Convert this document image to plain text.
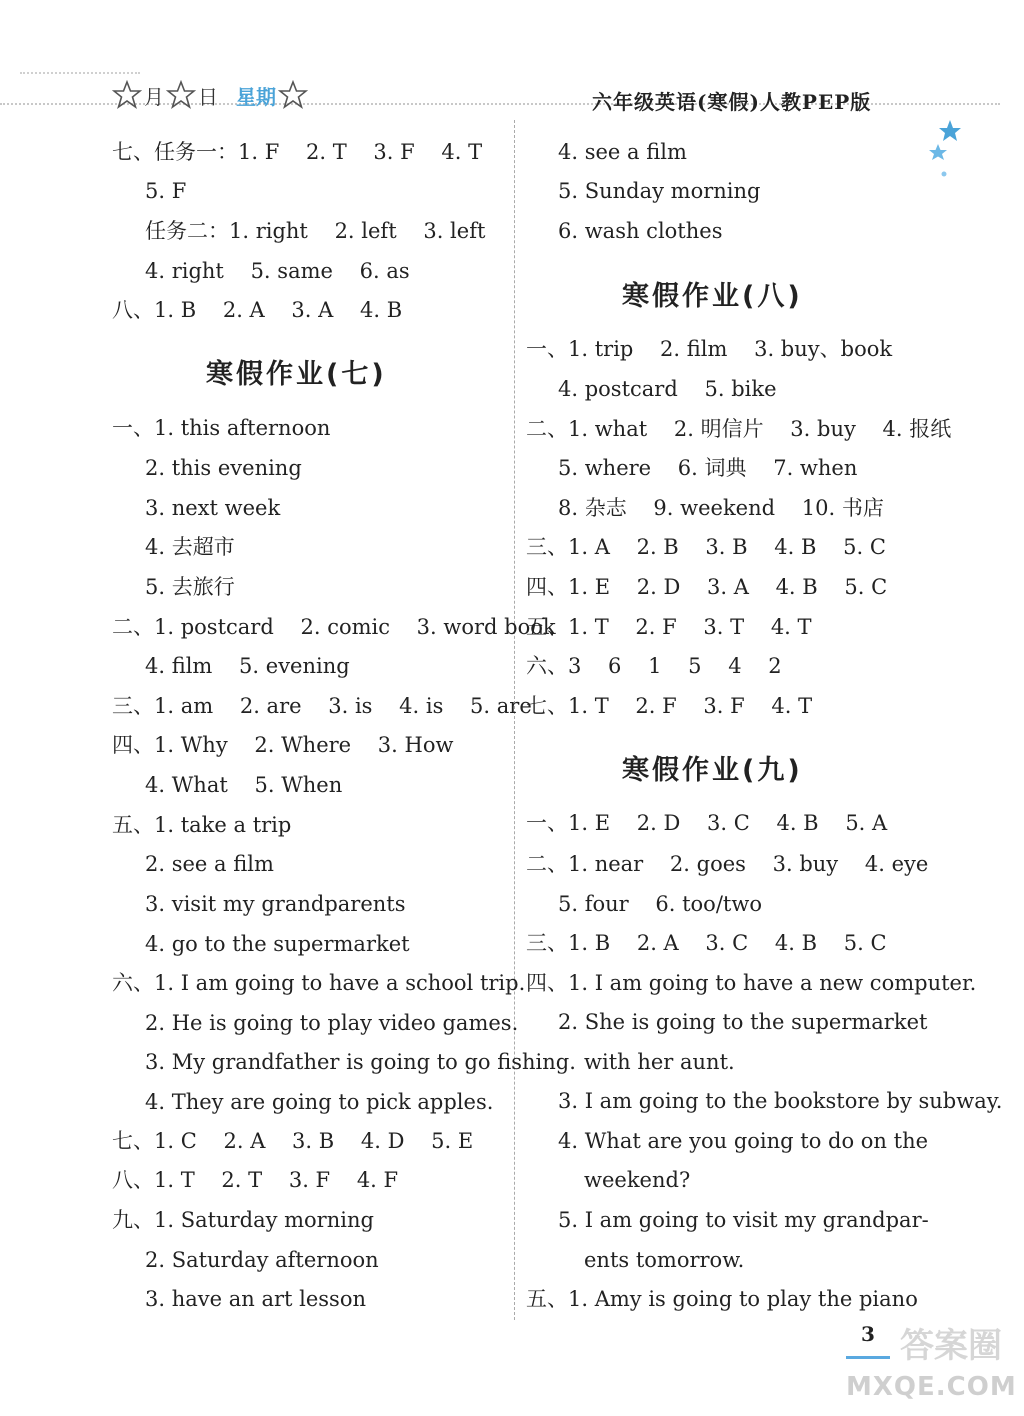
月 日 星期	六年级英语(寒假)人教PEP版
七、任务一：1. F    2. T    3. F    4. T
5. F
任务二：1. right    2. left    3. left
4. right    5. same    6. as
八、1. B    2. A    3. A    4. B
寒假作业(七)
一、1. this afternoon
2. this evening
3. next week
4. 去超市
5. 去旅行
二、1. postcard    2. comic    3. word book
4. film    5. evening
三、1. am    2. are    3. is    4. is    5. are
四、1. Why    2. Where    3. How
4. What    5. When
五、1. take a trip
2. see a film
3. visit my grandparents
4. go to the supermarket
六、1. I am going to have a school trip.
2. He is going to play video games.
3. My grandfather is going to go fishing.
4. They are going to pick apples.
七、1. C    2. A    3. B    4. D    5. E
八、1. T    2. T    3. F    4. F
九、1. Saturday morning
2. Saturday afternoon
3. have an art lesson
4. see a film
5. Sunday morning
6. wash clothes
寒假作业(八)
一、1. trip    2. film    3. buy、book
4. postcard    5. bike
二、1. what    2. 明信片    3. buy    4. 报纸
5. where    6. 词典    7. when
8. 杂志    9. weekend    10. 书店
三、1. A    2. B    3. B    4. B    5. C
四、1. E    2. D    3. A    4. B    5. C
五、1. T    2. F    3. T    4. T
六、3    6    1    5    4    2
七、1. T    2. F    3. F    4. T
寒假作业(九)
一、1. E    2. D    3. C    4. B    5. A
二、1. near    2. goes    3. buy    4. eye
5. four    6. too/two
三、1. B    2. A    3. C    4. B    5. C
四、1. I am going to have a new computer.
2. She is going to the supermarket
with her aunt.
3. I am going to the bookstore by subway.
4. What are you going to do on the
weekend?
5. I am going to visit my grandpar-
ents tomorrow.
五、1. Amy is going to play the piano
3 答案圈
MXQE.COM
